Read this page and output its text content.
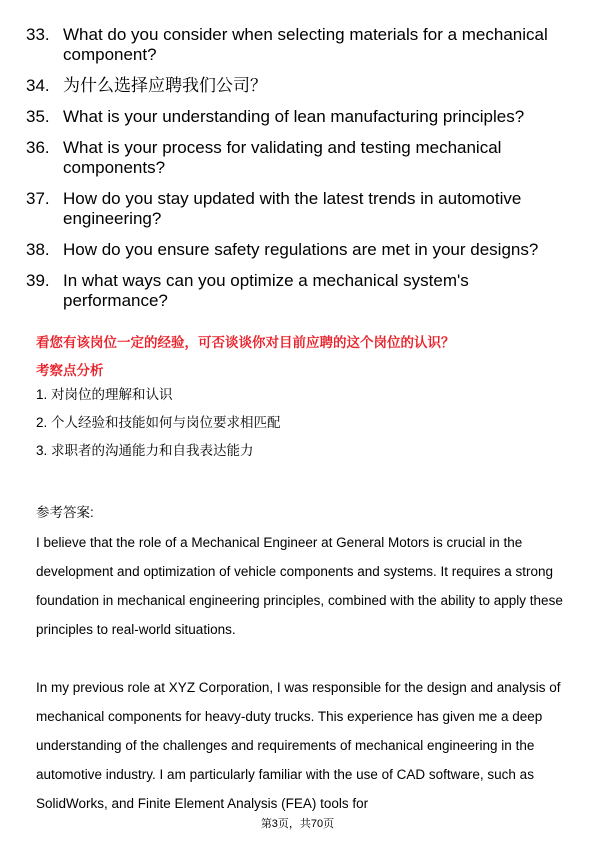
33. What do you consider when selecting materials for a mechanical component?
34. 为什么选择应聘我们公司？
35. What is your understanding of lean manufacturing principles?
36. What is your process for validating and testing mechanical components?
37. How do you stay updated with the latest trends in automotive engineering?
38. How do you ensure safety regulations are met in your designs?
39. In what ways can you optimize a mechanical system's performance?
看您有该岗位一定的经验，可否谈谈你对目前应聘的这个岗位的认识？
考察点分析
1. 对岗位的理解和认识
2. 个人经验和技能如何与岗位要求相匹配
3. 求职者的沟通能力和自我表达能力
参考答案:

I believe that the role of a Mechanical Engineer at General Motors is crucial in the development and optimization of vehicle components and systems. It requires a strong foundation in mechanical engineering principles, combined with the ability to apply these principles to real-world situations.

In my previous role at XYZ Corporation, I was responsible for the design and analysis of mechanical components for heavy-duty trucks. This experience has given me a deep understanding of the challenges and requirements of mechanical engineering in the automotive industry. I am particularly familiar with the use of CAD software, such as SolidWorks, and Finite Element Analysis (FEA) tools for

第3页，共70页
